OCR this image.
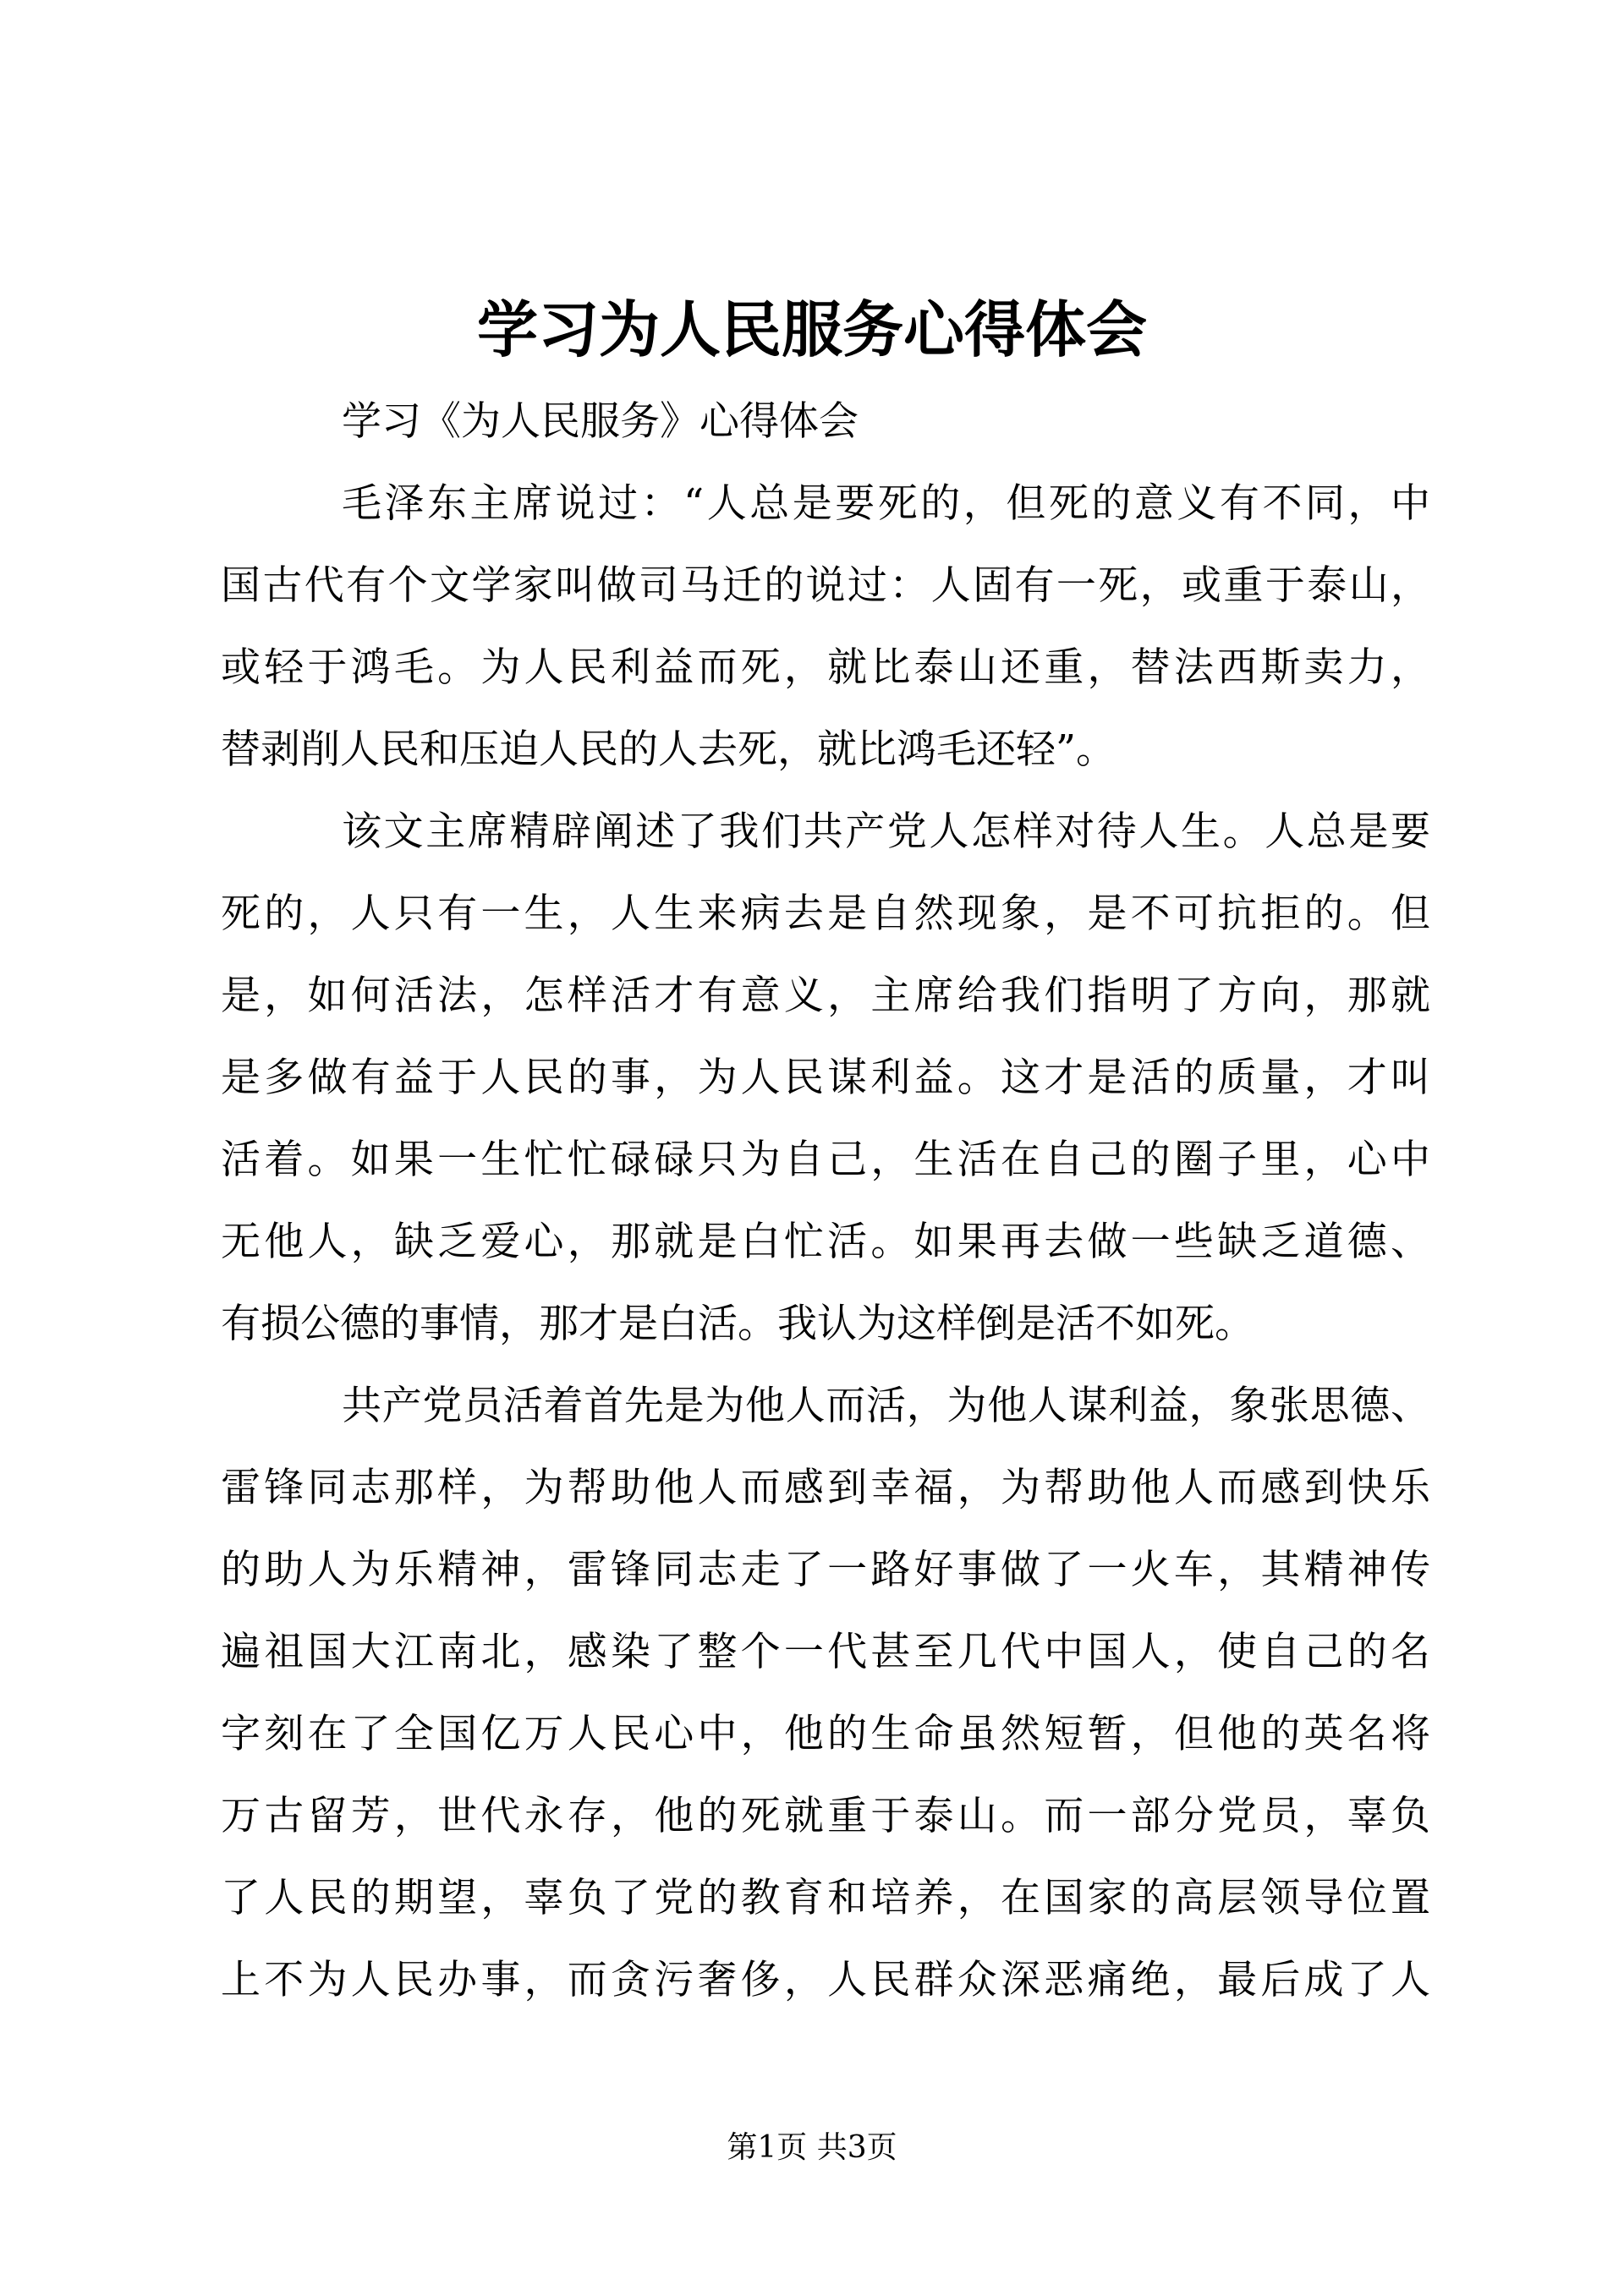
学习为人民服务心得体会
学习《为人民服务》心得体会
毛泽东主席说过：“人总是要死的，但死的意义有不同，中
国古代有个文学家叫做司马迁的说过：人固有一死，或重于泰山，
或轻于鸿毛。为人民利益而死，就比泰山还重，替法西斯卖力，
替剥削人民和压迫人民的人去死，就比鸿毛还轻”。
该文主席精辟阐述了我们共产党人怎样对待人生。人总是要
死的，人只有一生，人生来病去是自然现象，是不可抗拒的。但
是，如何活法，怎样活才有意义，主席给我们指明了方向，那就
是多做有益于人民的事，为人民谋利益。这才是活的质量，才叫
活着。如果一生忙忙碌碌只为自己，生活在自己的圈子里，心中
无他人，缺乏爱心，那就是白忙活。如果再去做一些缺乏道德、
有损公德的事情，那才是白活。我认为这样倒是活不如死。
共产党员活着首先是为他人而活，为他人谋利益，象张思德、
雷锋同志那样，为帮助他人而感到幸福，为帮助他人而感到快乐
的助人为乐精神，雷锋同志走了一路好事做了一火车，其精神传
遍祖国大江南北，感染了整个一代甚至几代中国人，使自己的名
字刻在了全国亿万人民心中，他的生命虽然短暂，但他的英名将
万古留芳，世代永存，他的死就重于泰山。而一部分党员，辜负
了人民的期望，辜负了党的教育和培养，在国家的高层领导位置
上不为人民办事，而贪污奢侈，人民群众深恶痛绝，最后成了人
第1页 共3页
